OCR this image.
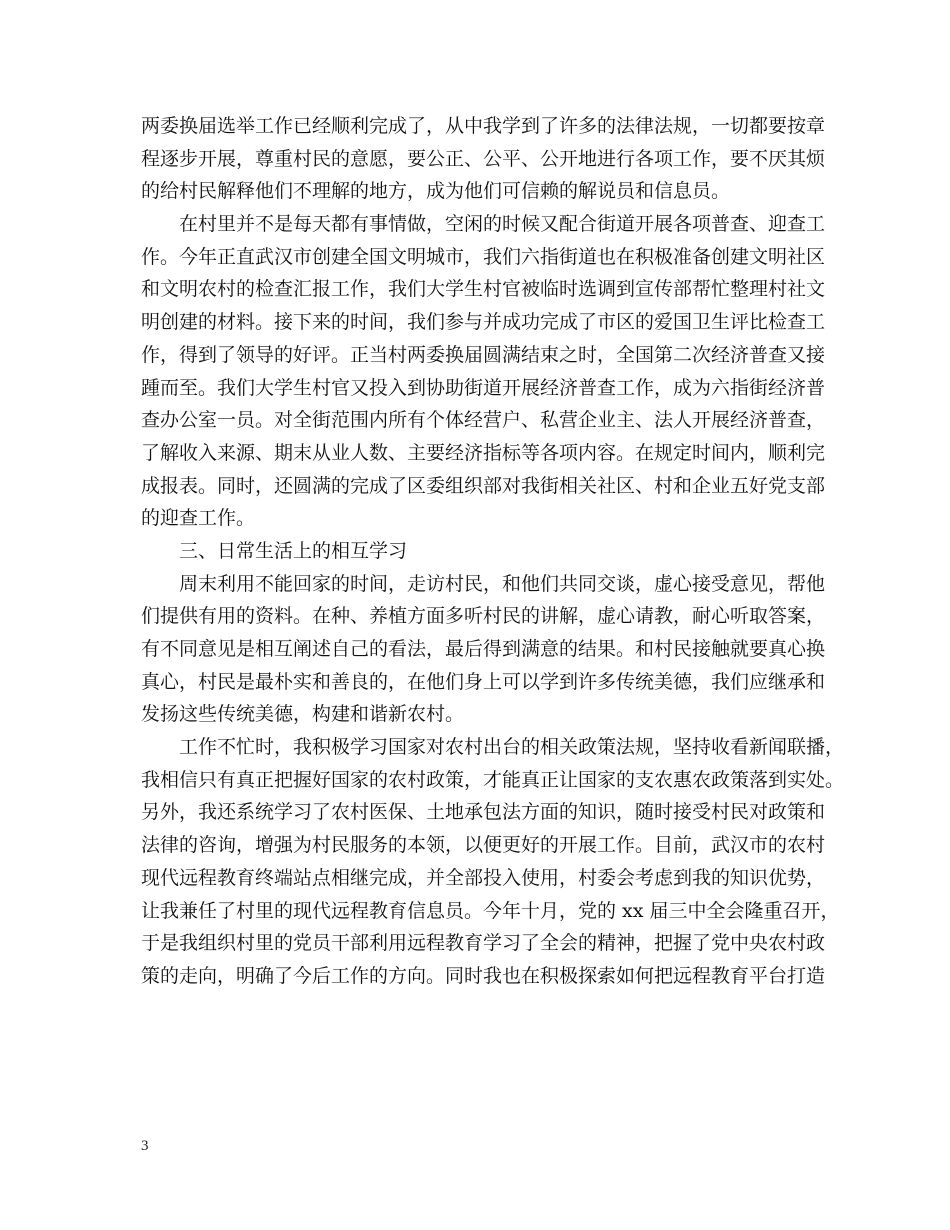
两委换届选举工作已经顺利完成了，从中我学到了许多的法律法规，一切都要按章
程逐步开展，尊重村民的意愿，要公正、公平、公开地进行各项工作，要不厌其烦
的给村民解释他们不理解的地方，成为他们可信赖的解说员和信息员。
在村里并不是每天都有事情做，空闲的时候又配合街道开展各项普查、迎查工
作。今年正直武汉市创建全国文明城市，我们六指街道也在积极准备创建文明社区
和文明农村的检查汇报工作，我们大学生村官被临时选调到宣传部帮忙整理村社文
明创建的材料。接下来的时间，我们参与并成功完成了市区的爱国卫生评比检查工
作，得到了领导的好评。正当村两委换届圆满结束之时，全国第二次经济普查又接
踵而至。我们大学生村官又投入到协助街道开展经济普查工作，成为六指街经济普
查办公室一员。对全街范围内所有个体经营户、私营企业主、法人开展经济普查，
了解收入来源、期末从业人数、主要经济指标等各项内容。在规定时间内，顺利完
成报表。同时，还圆满的完成了区委组织部对我街相关社区、村和企业五好党支部
的迎查工作。
三、日常生活上的相互学习
周末利用不能回家的时间，走访村民，和他们共同交谈，虚心接受意见，帮他
们提供有用的资料。在种、养植方面多听村民的讲解，虚心请教，耐心听取答案，
有不同意见是相互阐述自己的看法，最后得到满意的结果。和村民接触就要真心换
真心，村民是最朴实和善良的，在他们身上可以学到许多传统美德，我们应继承和
发扬这些传统美德，构建和谐新农村。
工作不忙时，我积极学习国家对农村出台的相关政策法规，坚持收看新闻联播，
我相信只有真正把握好国家的农村政策，才能真正让国家的支农惠农政策落到实处。
另外，我还系统学习了农村医保、土地承包法方面的知识，随时接受村民对政策和
法律的咨询，增强为村民服务的本领，以便更好的开展工作。目前，武汉市的农村
现代远程教育终端站点相继完成，并全部投入使用，村委会考虑到我的知识优势，
让我兼任了村里的现代远程教育信息员。今年十月，党的 xx 届三中全会隆重召开，
于是我组织村里的党员干部利用远程教育学习了全会的精神，把握了党中央农村政
策的走向，明确了今后工作的方向。同时我也在积极探索如何把远程教育平台打造
3
